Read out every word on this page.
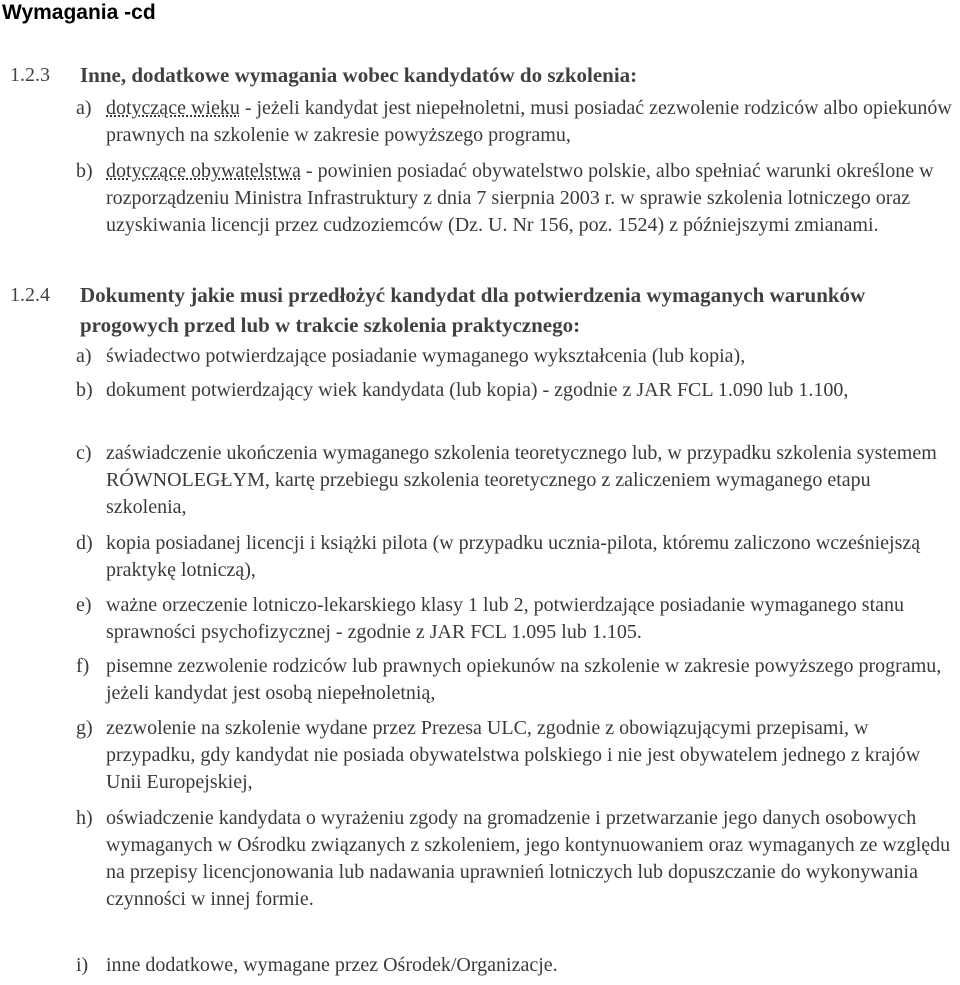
Wymagania -cd
1.2.3 Inne, dodatkowe wymagania wobec kandydatów do szkolenia:
a) dotyczące wieku - jeżeli kandydat jest niepełnoletni, musi posiadać zezwolenie rodziców albo opiekunów prawnych na szkolenie w zakresie powyższego programu,
b) dotyczące obywatelstwa - powinien posiadać obywatelstwo polskie, albo spełniać warunki określone w rozporządzeniu Ministra Infrastruktury z dnia 7 sierpnia 2003 r. w sprawie szkolenia lotniczego oraz uzyskiwania licencji przez cudzoziemców (Dz. U. Nr 156, poz. 1524) z późniejszymi zmianami.
1.2.4 Dokumenty jakie musi przedłożyć kandydat dla potwierdzenia wymaganych warunków progowych przed lub w trakcie szkolenia praktycznego:
a) świadectwo potwierdzające posiadanie wymaganego wykształcenia (lub kopia),
b) dokument potwierdzający wiek kandydata (lub kopia) - zgodnie z JAR FCL 1.090 lub 1.100,
c) zaświadczenie ukończenia wymaganego szkolenia teoretycznego lub, w przypadku szkolenia systemem RÓWNOLEGŁYM, kartę przebiegu szkolenia teoretycznego z zaliczeniem wymaganego etapu szkolenia,
d) kopia posiadanej licencji i książki pilota (w przypadku ucznia-pilota, któremu zaliczono wcześniejszą praktykę lotniczą),
e) ważne orzeczenie lotniczo-lekarskiego klasy 1 lub 2, potwierdzające posiadanie wymaganego stanu sprawności psychofizycznej - zgodnie z JAR FCL 1.095 lub 1.105.
f) pisemne zezwolenie rodziców lub prawnych opiekunów na szkolenie w zakresie powyższego programu, jeżeli kandydat jest osobą niepełnoletnią,
g) zezwolenie na szkolenie wydane przez Prezesa ULC, zgodnie z obowiązującymi przepisami, w przypadku, gdy kandydat nie posiada obywatelstwa polskiego i nie jest obywatelem jednego z krajów Unii Europejskiej,
h) oświadczenie kandydata o wyrażeniu zgody na gromadzenie i przetwarzanie jego danych osobowych wymaganych w Ośrodku związanych z szkoleniem, jego kontynuowaniem oraz wymaganych ze względu na przepisy licencjonowania lub nadawania uprawnień lotniczych lub dopuszczanie do wykonywania czynności w innej formie.
i) inne dodatkowe, wymagane przez Ośrodek/Organizacje.
